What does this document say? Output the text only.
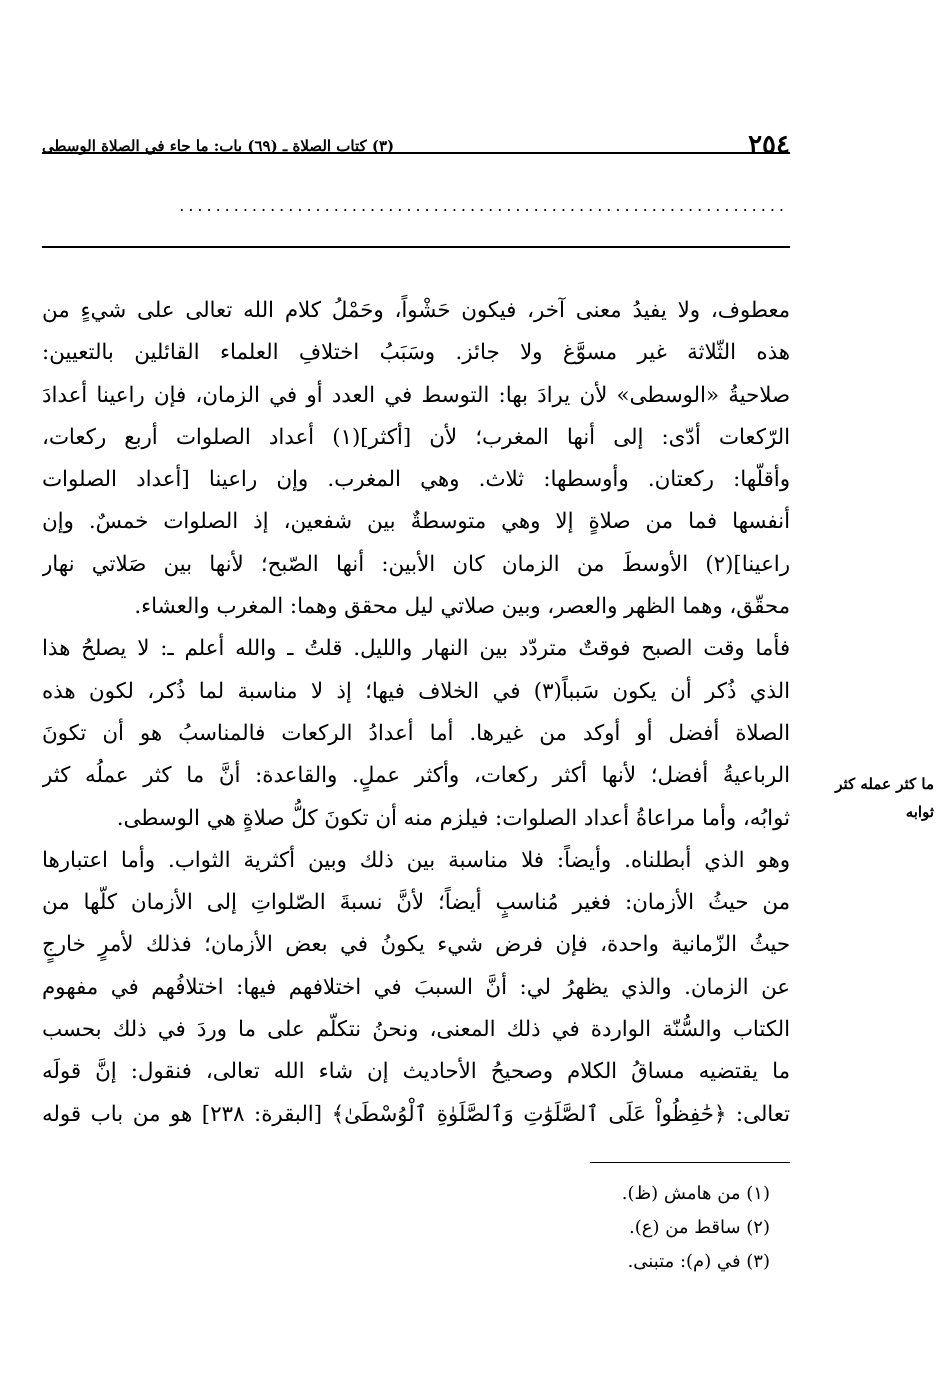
٢٥٤
(٣) كتاب الصلاة ـ (٦٩) باب: ما جاء في الصلاة الوسطى
...................................................................
معطوف، ولا يفيدُ معنى آخر، فيكون حَشْواً، وحَمْلُ كلام الله تعالى على شيءٍ من
هذه الثّلاثة غير مسوَّغ ولا جائز. وسَبَبُ اختلافِ العلماء القائلين بالتعيين:
صلاحيةُ «الوسطى» لأن يرادَ بها: التوسط في العدد أو في الزمان، فإن راعينا أعدادَ
الرّكعات أدّى: إلى أنها المغرب؛ لأن [أكثر](١) أعداد الصلوات أربع ركعات،
وأقلّها: ركعتان. وأوسطها: ثلاث. وهي المغرب. وإن راعينا [أعداد الصلوات
أنفسها فما من صلاةٍ إلا وهي متوسطةٌ بين شفعين، إذ الصلوات خمسٌ. وإن
راعينا](٢) الأوسطَ من الزمان كان الأبين: أنها الصّبح؛ لأنها بين صَلاتي نهار
محقّق، وهما الظهر والعصر، وبين صلاتي ليل محقق وهما: المغرب والعشاء.
فأما وقت الصبح فوقتٌ متردّد بين النهار والليل. قلتُ ـ والله أعلم ـ: لا يصلحُ هذا
الذي ذُكر أن يكون سَبباً(٣) في الخلاف فيها؛ إذ لا مناسبة لما ذُكر، لكون هذه
الصلاة أفضل أو أوكد من غيرها. أما أعدادُ الركعات فالمناسبُ هو أن تكونَ
الرباعيةُ أفضل؛ لأنها أكثر ركعات، وأكثر عملٍ. والقاعدة: أنَّ ما كثر عملُه كثر
ثوابُه، وأما مراعاةُ أعداد الصلوات: فيلزم منه أن تكونَ كلُّ صلاةٍ هي الوسطى.
وهو الذي أبطلناه. وأيضاً: فلا مناسبة بين ذلك وبين أكثرية الثواب. وأما اعتبارها
من حيثُ الأزمان: فغير مُناسبٍ أيضاً؛ لأنَّ نسبةَ الصّلواتِ إلى الأزمان كلّها من
حيثُ الزّمانية واحدة، فإن فرض شيء يكونُ في بعض الأزمان؛ فذلك لأمرٍ خارجٍ
عن الزمان. والذي يظهرُ لي: أنَّ السببَ في اختلافهم فيها: اختلافُهم في مفهوم
الكتاب والسُّنّة الواردة في ذلك المعنى، ونحنُ نتكلّم على ما وردَ في ذلك بحسب
ما يقتضيه مساقُ الكلام وصحيحُ الأحاديث إن شاء الله تعالى، فنقول: إنَّ قولَه
تعالى: ﴿حَٰفِظُواْ عَلَى ٱلصَّلَوَٰتِ وَٱلصَّلَوٰةِ ٱلْوُسْطَىٰ﴾ [البقرة: ٢٣٨] هو من باب قوله
ما كثر عمله كثر
ثوابه
(١) من هامش (ظ).
(٢) ساقط من (ع).
(٣) في (م): متبنى.
